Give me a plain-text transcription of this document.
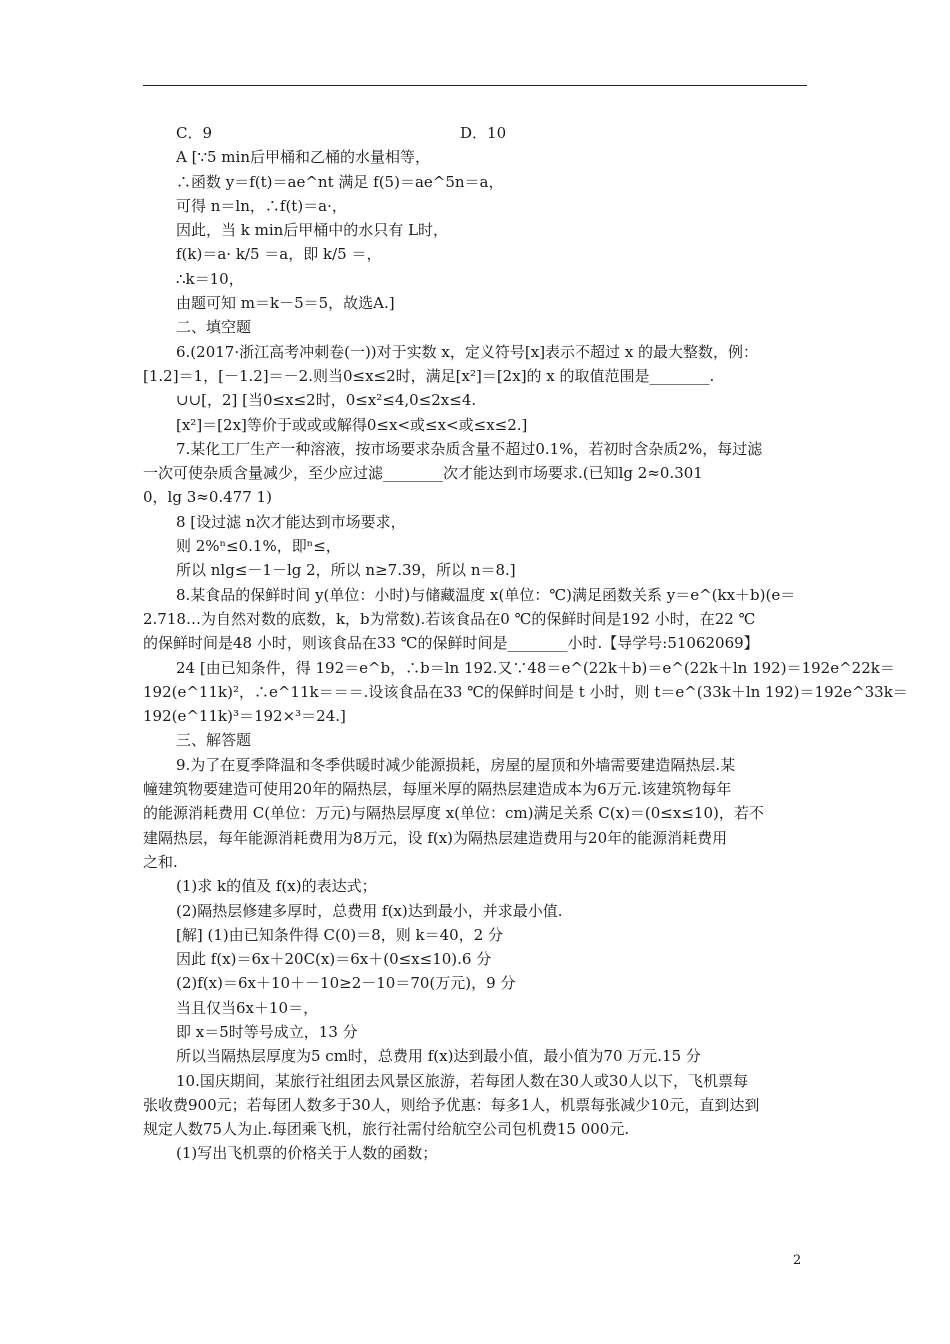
C．9	D．10
A [∵5 min后甲桶和乙桶的水量相等，
∴函数 y＝f(t)＝ae^nt 满足 f(5)＝ae^5n＝a，
可得 n＝ln，∴f(t)＝a·，
因此，当 k min后甲桶中的水只有 L时，
f(k)＝a· k/5 ＝a，即 k/5 ＝，
∴k＝10，
由题可知 m＝k－5＝5，故选A.]
二、填空题
6.(2017·浙江高考冲刺卷(一))对于实数 x，定义符号[x]表示不超过 x 的最大整数，例：
[1.2]＝1，[－1.2]＝－2.则当0≤x≤2时，满足[x²]＝[2x]的 x 的取值范围是________.
∪∪[，2] [当0≤x≤2时，0≤x²≤4,0≤2x≤4.
[x²]＝[2x]等价于或或或解得0≤x<或≤x<或≤x≤2.]
7.某化工厂生产一种溶液，按市场要求杂质含量不超过0.1%，若初时含杂质2%，每过滤
一次可使杂质含量减少，至少应过滤________次才能达到市场要求.(已知lg 2≈0.301
0，lg 3≈0.477 1)
8 [设过滤 n次才能达到市场要求，
则 2%ⁿ≤0.1%，即ⁿ≤，
所以 nlg≤－1－lg 2，所以 n≥7.39，所以 n＝8.]
8.某食品的保鲜时间 y(单位：小时)与储藏温度 x(单位：℃)满足函数关系 y＝e^(kx＋b)(e＝
2.718…为自然对数的底数，k，b为常数).若该食品在0 ℃的保鲜时间是192 小时，在22 ℃
的保鲜时间是48 小时，则该食品在33 ℃的保鲜时间是________小时.【导学号:51062069】
24 [由已知条件，得 192＝e^b，∴b＝ln 192.又∵48＝e^(22k＋b)＝e^(22k＋ln 192)＝192e^22k＝
192(e^11k)²，∴e^11k＝＝＝.设该食品在33 ℃的保鲜时间是 t 小时，则 t＝e^(33k＋ln 192)＝192e^33k＝
192(e^11k)³＝192×³＝24.]
三、解答题
9.为了在夏季降温和冬季供暖时减少能源损耗，房屋的屋顶和外墙需要建造隔热层.某
幢建筑物要建造可使用20年的隔热层，每厘米厚的隔热层建造成本为6万元.该建筑物每年
的能源消耗费用 C(单位：万元)与隔热层厚度 x(单位：cm)满足关系 C(x)＝(0≤x≤10)，若不
建隔热层，每年能源消耗费用为8万元，设 f(x)为隔热层建造费用与20年的能源消耗费用
之和.
(1)求 k的值及 f(x)的表达式；
(2)隔热层修建多厚时，总费用 f(x)达到最小，并求最小值.
[解] (1)由已知条件得 C(0)＝8，则 k＝40，2 分
因此 f(x)＝6x＋20C(x)＝6x＋(0≤x≤10).6 分
(2)f(x)＝6x＋10＋－10≥2－10＝70(万元)，9 分
当且仅当6x＋10＝，
即 x＝5时等号成立，13 分
所以当隔热层厚度为5 cm时，总费用 f(x)达到最小值，最小值为70 万元.15 分
10.国庆期间，某旅行社组团去风景区旅游，若每团人数在30人或30人以下，飞机票每
张收费900元；若每团人数多于30人，则给予优惠：每多1人，机票每张减少10元，直到达到
规定人数75人为止.每团乘飞机，旅行社需付给航空公司包机费15 000元.
(1)写出飞机票的价格关于人数的函数；
2
